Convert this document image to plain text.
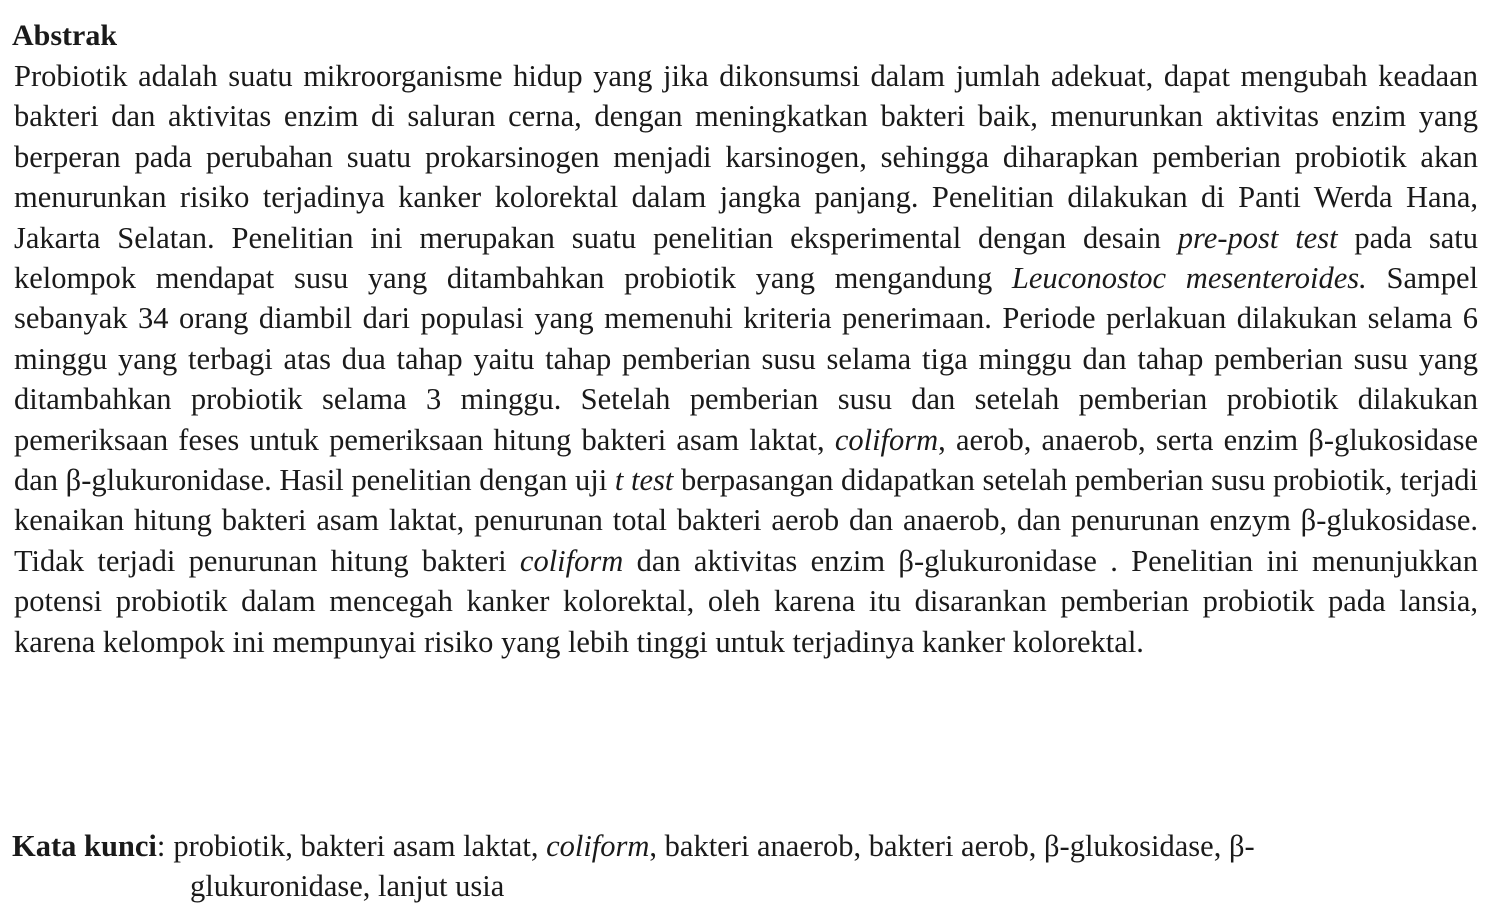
Abstrak

Probiotik adalah suatu mikroorganisme hidup yang jika dikonsumsi dalam jumlah adekuat, dapat mengubah keadaan bakteri dan aktivitas enzim di saluran cerna, dengan meningkatkan bakteri baik, menurunkan aktivitas enzim yang berperan pada perubahan suatu prokarsinogen menjadi karsinogen, sehingga diharapkan pemberian probiotik akan menurunkan risiko terjadinya kanker kolorektal dalam jangka panjang. Penelitian dilakukan di Panti Werda Hana, Jakarta Selatan. Penelitian ini merupakan suatu penelitian eksperimental dengan desain pre-post test pada satu kelompok mendapat susu yang ditambahkan probiotik yang mengandung Leuconostoc mesenteroides. Sampel sebanyak 34 orang diambil dari populasi yang memenuhi kriteria penerimaan. Periode perlakuan dilakukan selama 6 minggu yang terbagi atas dua tahap yaitu tahap pemberian susu selama tiga minggu dan tahap pemberian susu yang ditambahkan probiotik selama 3 minggu. Setelah pemberian susu dan setelah pemberian probiotik dilakukan pemeriksaan feses untuk pemeriksaan hitung bakteri asam laktat, coliform, aerob, anaerob, serta enzim β-glukosidase dan β-glukuronidase. Hasil penelitian dengan uji t test berpasangan didapatkan setelah pemberian susu probiotik, terjadi kenaikan hitung bakteri asam laktat, penurunan total bakteri aerob dan anaerob, dan penurunan enzym β-glukosidase. Tidak terjadi penurunan hitung bakteri coliform dan aktivitas enzim β-glukuronidase . Penelitian ini menunjukkan potensi probiotik dalam mencegah kanker kolorektal, oleh karena itu disarankan pemberian probiotik pada lansia, karena kelompok ini mempunyai risiko yang lebih tinggi untuk terjadinya kanker kolorektal.

Kata kunci : probiotik, bakteri asam laktat, coliform, bakteri anaerob, bakteri aerob, β-glukosidase, β-
glukuronidase, lanjut usia
